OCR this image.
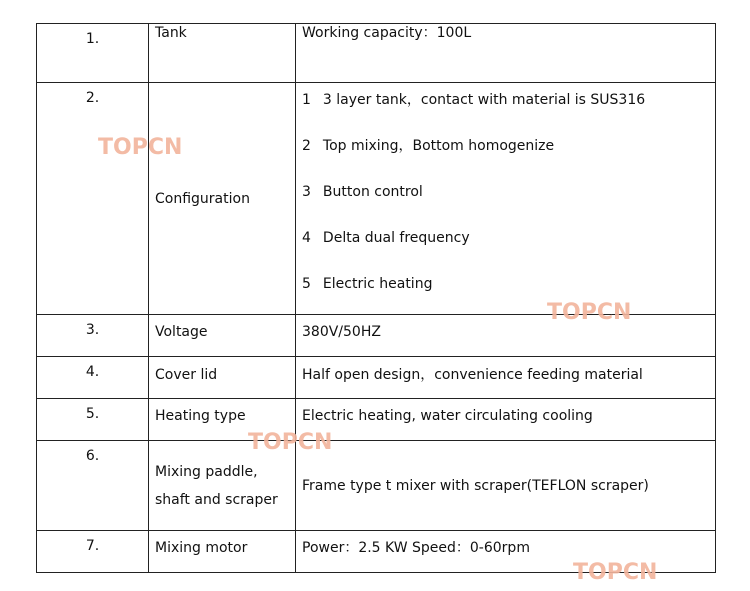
1.	Tank	Working capacity：100L

2.	Configuration	1 3 layer tank，contact with material is SUS316
2 Top mixing，Bottom homogenize
3 Button control
4 Delta dual frequency
5 Electric heating

3.	Voltage	380V/50HZ

4.	Cover lid	Half open design，convenience feeding material

5.	Heating type	Electric heating, water circulating cooling

6.	Mixing paddle,
shaft and scraper	Frame type t mixer with scraper(TEFLON scraper)

7.	Mixing motor	Power：2.5 KW Speed：0-60rpm
TOPCN
TOPCN
TOPCN
TOPCN
